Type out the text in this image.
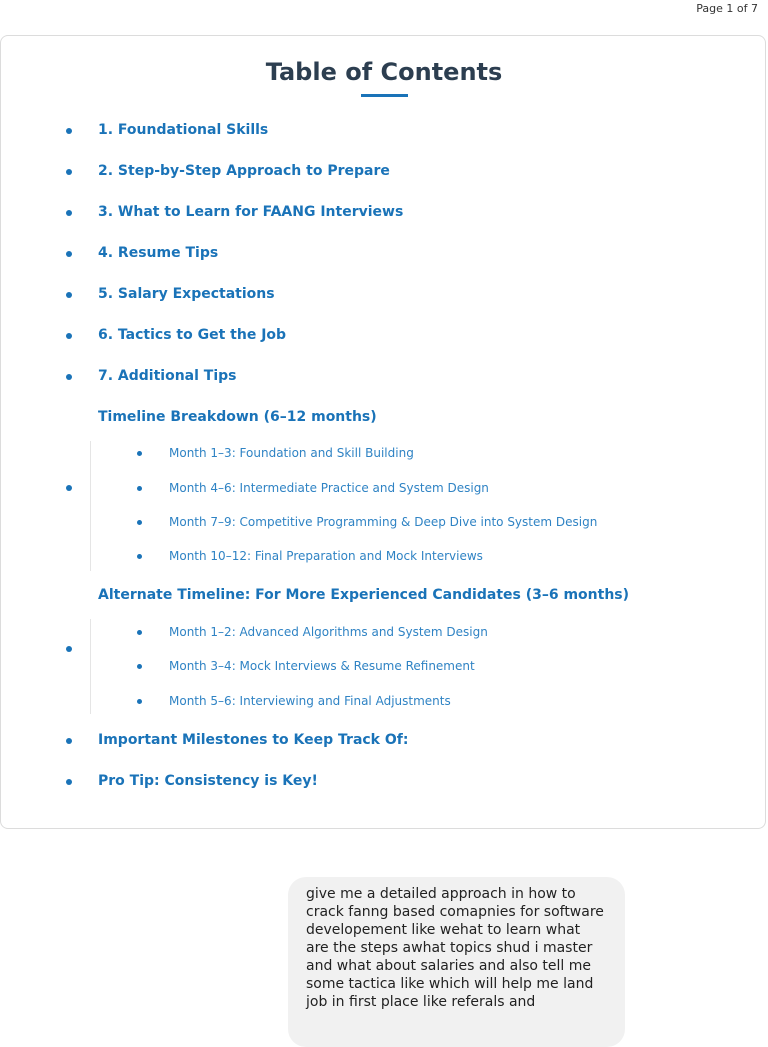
Page 1 of 7
Table of Contents
1. Foundational Skills
2. Step-by-Step Approach to Prepare
3. What to Learn for FAANG Interviews
4. Resume Tips
5. Salary Expectations
6. Tactics to Get the Job
7. Additional Tips
Timeline Breakdown (6–12 months)
Month 1–3: Foundation and Skill Building
Month 4–6: Intermediate Practice and System Design
Month 7–9: Competitive Programming & Deep Dive into System Design
Month 10–12: Final Preparation and Mock Interviews
Alternate Timeline: For More Experienced Candidates (3–6 months)
Month 1–2: Advanced Algorithms and System Design
Month 3–4: Mock Interviews & Resume Refinement
Month 5–6: Interviewing and Final Adjustments
Important Milestones to Keep Track Of:
Pro Tip: Consistency is Key!

give me a detailed approach in how to
crack fanng based comapnies for software
developement like wehat to learn what
are the steps awhat topics shud i master
and what about salaries and also tell me
some tactica like which will help me land
job in first place like referals and
